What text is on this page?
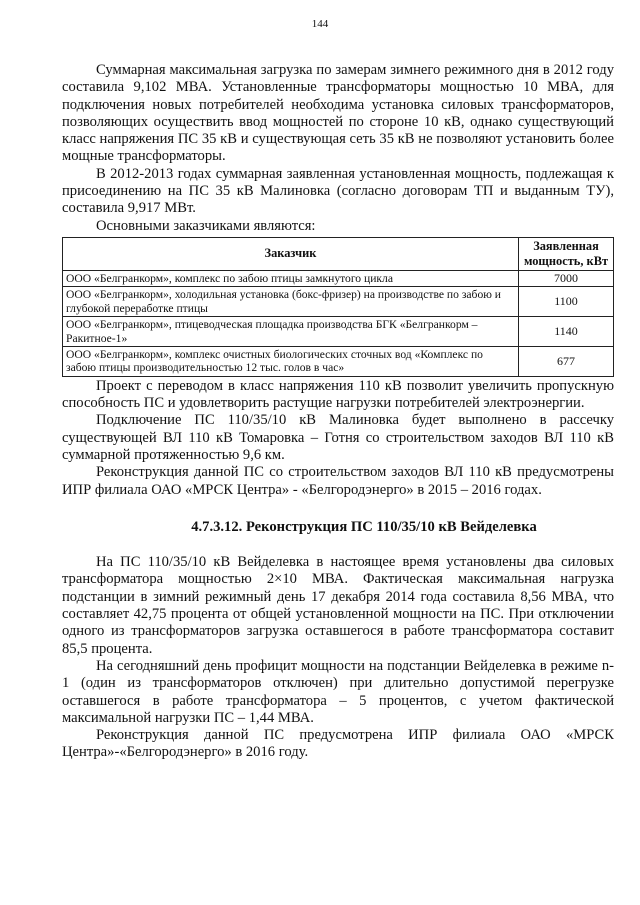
144

Суммарная максимальная загрузка по замерам зимнего режимного дня в 2012 году составила 9,102 МВА. Установленные трансформаторы мощностью 10 МВА, для подключения новых потребителей необходима установка силовых трансформаторов, позволяющих осуществить ввод мощностей по стороне 10 кВ, однако существующий класс напряжения ПС 35 кВ и существующая сеть 35 кВ не позволяют установить более мощные трансформаторы.

В 2012-2013 годах суммарная заявленная установленная мощность, подлежащая к присоединению на ПС 35 кВ Малиновка (согласно договорам ТП и выданным ТУ), составила 9,917 МВт.

Основными заказчиками являются:

Заказчик	Заявленная мощность, кВт
ООО «Белгранкорм», комплекс по забою птицы замкнутого цикла	7000
ООО «Белгранкорм», холодильная установка (бокс-фризер) на производстве по забою и глубокой переработке птицы	1100
ООО «Белгранкорм», птицеводческая площадка производства БГК «Белгранкорм – Ракитное-1»	1140
ООО «Белгранкорм», комплекс очистных биологических сточных вод «Комплекс по забою птицы производительностью 12 тыс. голов в час»	677

Проект с переводом в класс напряжения 110 кВ позволит увеличить пропускную способность ПС и удовлетворить растущие нагрузки потребителей электроэнергии.

Подключение ПС 110/35/10 кВ Малиновка будет выполнено в рассечку существующей ВЛ 110 кВ Томаровка – Готня со строительством заходов ВЛ 110 кВ суммарной протяженностью 9,6 км.

Реконструкция данной ПС со строительством заходов ВЛ 110 кВ предусмотрены ИПР филиала ОАО «МРСК Центра» - «Белгородэнерго» в 2015 – 2016 годах.

4.7.3.12. Реконструкция ПС 110/35/10 кВ Вейделевка

На ПС 110/35/10 кВ Вейделевка в настоящее время установлены два силовых трансформатора мощностью 2×10 МВА. Фактическая максимальная нагрузка подстанции в зимний режимный день 17 декабря 2014 года составила 8,56 МВА, что составляет 42,75 процента от общей установленной мощности на ПС. При отключении одного из трансформаторов загрузка оставшегося в работе трансформатора составит 85,5 процента.

На сегодняшний день профицит мощности на подстанции Вейделевка в режиме n-1 (один из трансформаторов отключен) при длительно допустимой перегрузке оставшегося в работе трансформатора – 5 процентов, с учетом фактической максимальной нагрузки ПС – 1,44 МВА.

Реконструкция данной ПС предусмотрена ИПР филиала ОАО «МРСК Центра»-«Белгородэнерго» в 2016 году.
